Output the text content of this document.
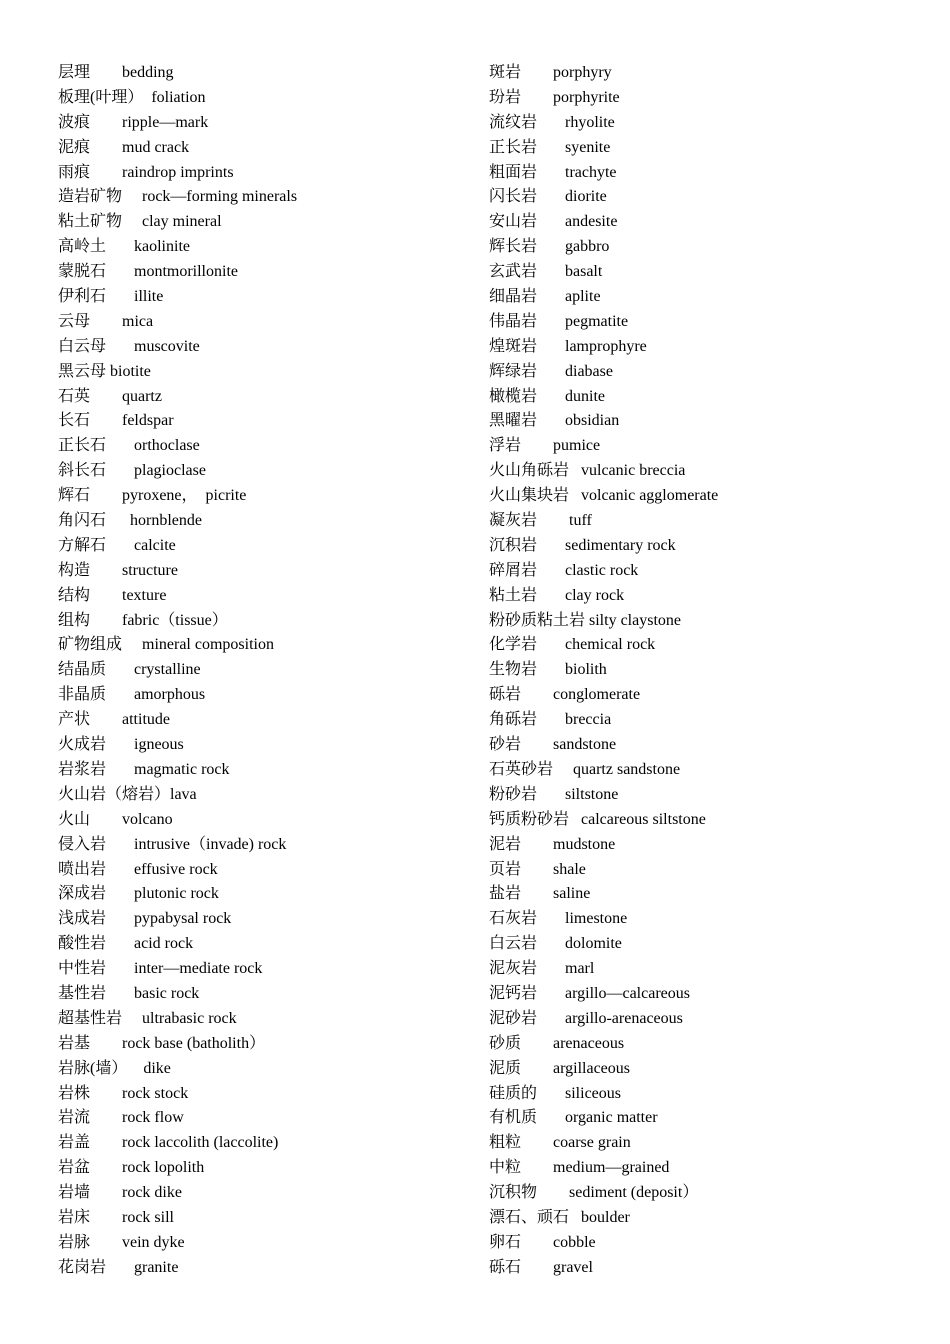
层理        bedding
板理(叶理）  foliation
波痕        ripple—mark
泥痕        mud crack
雨痕        raindrop imprints
造岩矿物     rock—forming minerals
粘土矿物     clay mineral
高岭土       kaolinite
蒙脱石       montmorillonite
伊利石       illite
云母        mica
白云母       muscovite
黑云母 biotite
石英        quartz
长石        feldspar
正长石       orthoclase
斜长石       plagioclase
辉石        pyroxene，  picrite
角闪石      hornblende
方解石       calcite
构造        structure
结构        texture
组构        fabric（tissue）
矿物组成     mineral composition
结晶质       crystalline
非晶质       amorphous
产状        attitude
火成岩       igneous
岩浆岩       magmatic rock
火山岩（熔岩）lava
火山        volcano
侵入岩       intrusive（invade) rock
喷出岩       effusive rock
深成岩       plutonic rock
浅成岩       pypabysal rock
酸性岩       acid rock
中性岩       inter—mediate rock
基性岩       basic rock
超基性岩     ultrabasic rock
岩基        rock base (batholith）
岩脉(墙）    dike
岩株        rock stock
岩流        rock flow
岩盖        rock laccolith (laccolite)
岩盆        rock lopolith
岩墙        rock dike
岩床        rock sill
岩脉        vein dyke
花岗岩       granite
斑岩        porphyry
玢岩        porphyrite
流纹岩       rhyolite
正长岩       syenite
粗面岩       trachyte
闪长岩       diorite
安山岩       andesite
辉长岩       gabbro
玄武岩       basalt
细晶岩       aplite
伟晶岩       pegmatite
煌斑岩       lamprophyre
辉绿岩       diabase
橄榄岩       dunite
黑曜岩       obsidian
浮岩        pumice
火山角砾岩   vulcanic breccia
火山集块岩   volcanic agglomerate
凝灰岩        tuff
沉积岩       sedimentary rock
碎屑岩       clastic rock
粘土岩       clay rock
粉砂质粘土岩 silty claystone
化学岩       chemical rock
生物岩       biolith
砾岩        conglomerate
角砾岩       breccia
砂岩        sandstone
石英砂岩     quartz sandstone
粉砂岩       siltstone
钙质粉砂岩   calcareous siltstone
泥岩        mudstone
页岩        shale
盐岩        saline
石灰岩       limestone
白云岩       dolomite
泥灰岩       marl
泥钙岩       argillo—calcareous
泥砂岩       argillo-arenaceous
砂质        arenaceous
泥质        argillaceous
硅质的       siliceous
有机质       organic matter
粗粒        coarse grain
中粒        medium—grained
沉积物        sediment (deposit）
漂石、顽石   boulder
卵石        cobble
砾石        gravel
